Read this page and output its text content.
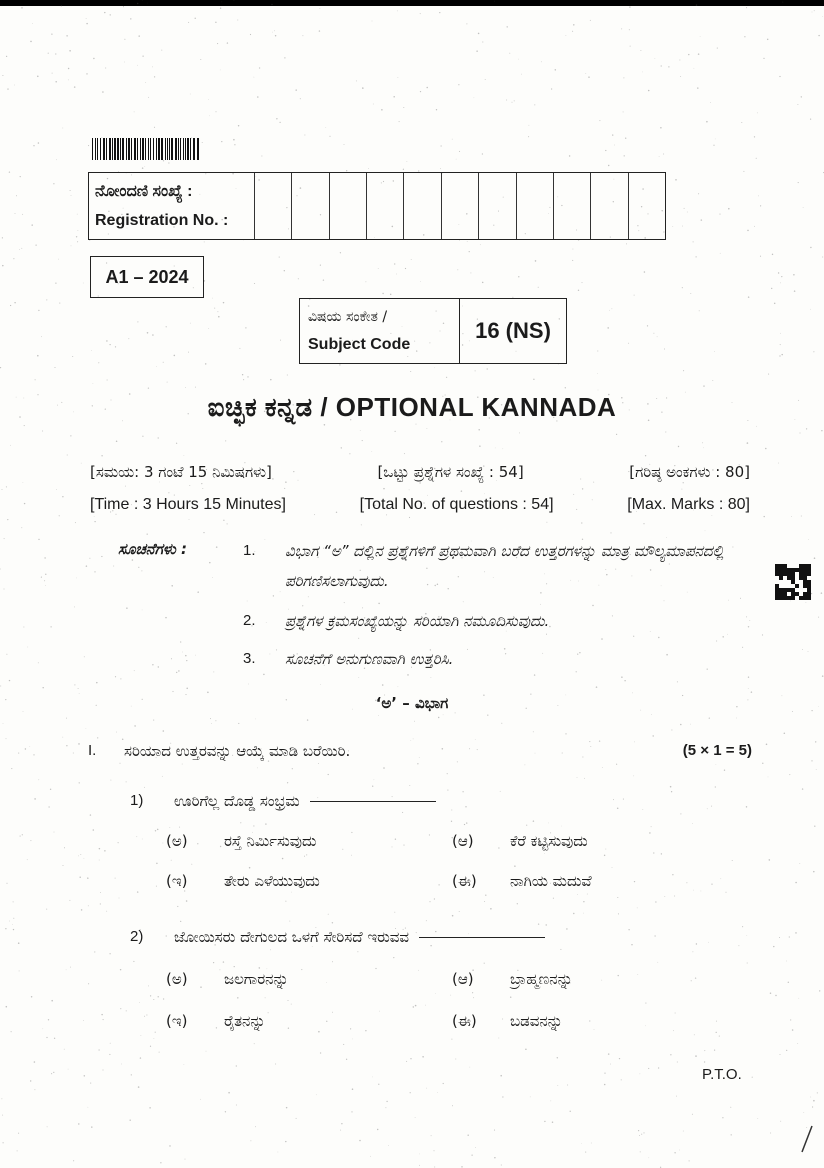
ನೋಂದಣಿ ಸಂಖ್ಯೆ :
Registration No. :
A1 – 2024
ವಿಷಯ ಸಂಕೇತ /
Subject Code
16 (NS)
ಐಚ್ಛಿಕ ಕನ್ನಡ / OPTIONAL KANNADA
[ಸಮಯ: 3 ಗಂಟೆ 15 ನಿಮಿಷಗಳು]	[ಒಟ್ಟು ಪ್ರಶ್ನೆಗಳ ಸಂಖ್ಯೆ : 54]	[ಗರಿಷ್ಠ ಅಂಕಗಳು : 80]
[Time : 3 Hours 15 Minutes]	[Total No. of questions : 54]	[Max. Marks : 80]
ಸೂಚನೆಗಳು :	1. ವಿಭಾಗ “ಅ” ದಲ್ಲಿನ ಪ್ರಶ್ನೆಗಳಿಗೆ ಪ್ರಥಮವಾಗಿ ಬರೆದ ಉತ್ತರಗಳನ್ನು ಮಾತ್ರ ಮೌಲ್ಯಮಾಪನದಲ್ಲಿ ಪರಿಗಣಿಸಲಾಗುವುದು.
2. ಪ್ರಶ್ನೆಗಳ ಕ್ರಮಸಂಖ್ಯೆಯನ್ನು ಸರಿಯಾಗಿ ನಮೂದಿಸುವುದು.
3. ಸೂಚನೆಗೆ ಅನುಗುಣವಾಗಿ ಉತ್ತರಿಸಿ.
‘ಅ’ – ವಿಭಾಗ
I. ಸರಿಯಾದ ಉತ್ತರವನ್ನು ಆಯ್ಕೆ ಮಾಡಿ ಬರೆಯಿರಿ.	(5 × 1 = 5)
1) ಊರಿಗೆಲ್ಲ ದೊಡ್ಡ ಸಂಭ್ರಮ
(ಅ) ರಸ್ತೆ ನಿರ್ಮಿಸುವುದು	(ಆ) ಕೆರೆ ಕಟ್ಟಿಸುವುದು
(ಇ) ತೇರು ಎಳೆಯುವುದು	(ಈ) ನಾಗಿಯ ಮದುವೆ
2) ಜೋಯಿಸರು ದೇಗುಲದ ಒಳಗೆ ಸೇರಿಸದೆ ಇರುವವ
(ಅ) ಜಲಗಾರನನ್ನು	(ಆ) ಬ್ರಾಹ್ಮಣನನ್ನು
(ಇ) ರೈತನನ್ನು	(ಈ) ಬಡವನನ್ನು
P.T.O.
